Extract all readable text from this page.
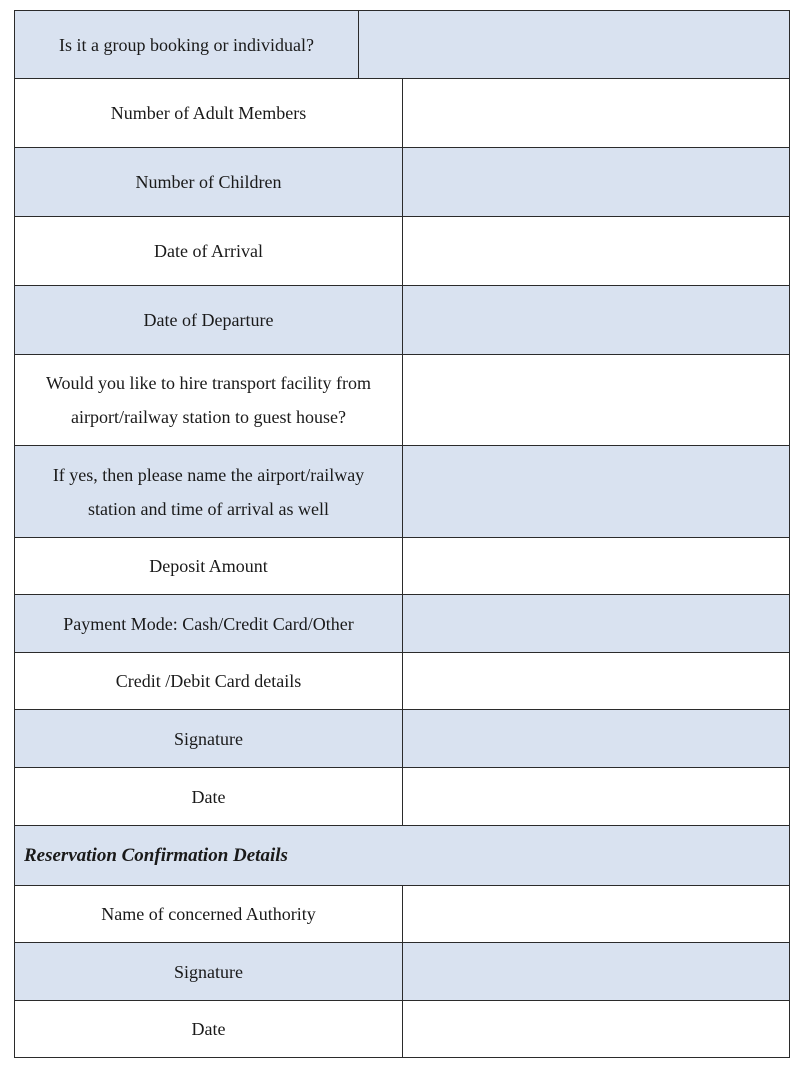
Is it a group booking or individual?
Number of Adult Members
Number of Children
Date of Arrival
Date of Departure
Would you like to hire transport facility from
airport/railway station to guest house?
If yes, then please name the airport/railway
station and time of arrival as well
Deposit Amount
Payment Mode: Cash/Credit Card/Other
Credit /Debit Card details
Signature
Date
Reservation Confirmation Details
Name of concerned Authority
Signature
Date
